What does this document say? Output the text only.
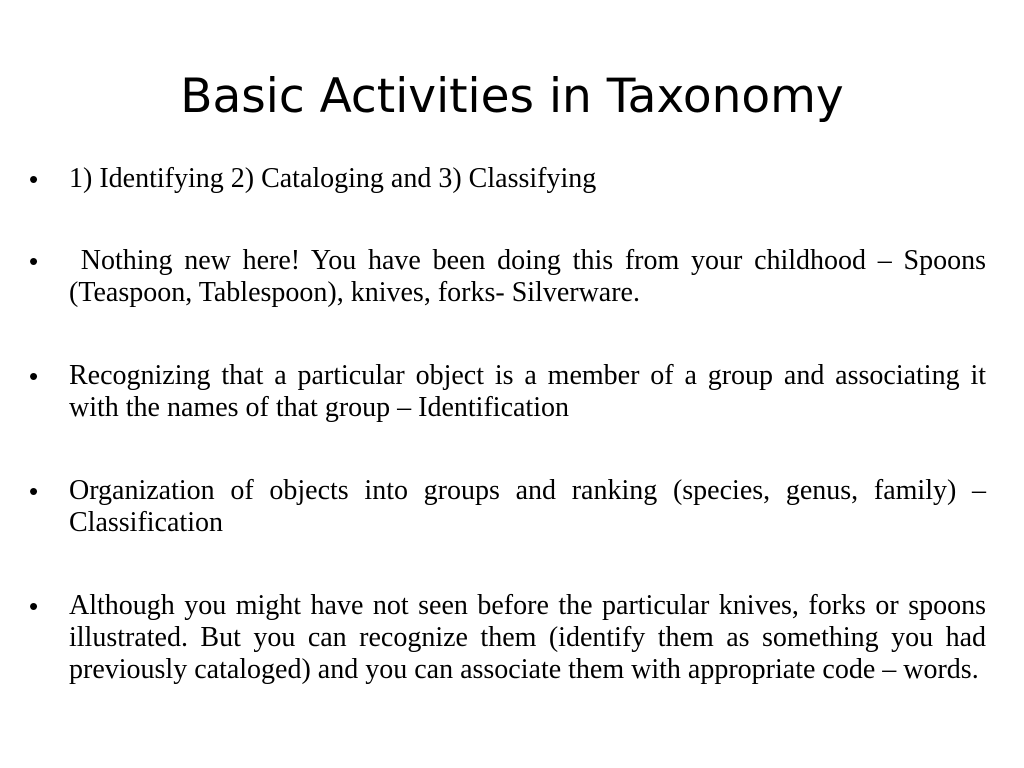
Basic Activities in Taxonomy
• 1) Identifying 2) Cataloging and 3) Classifying

• Nothing new here! You have been doing this from your childhood – Spoons (Teaspoon, Tablespoon), knives, forks- Silverware.

• Recognizing that a particular object is a member of a group and associating it with the names of that group – Identification

• Organization of objects into groups and ranking (species, genus, family) – Classification

• Although you might have not seen before the particular knives, forks or spoons illustrated. But you can recognize them (identify them as something you had previously cataloged) and you can associate them with appropriate code – words.
